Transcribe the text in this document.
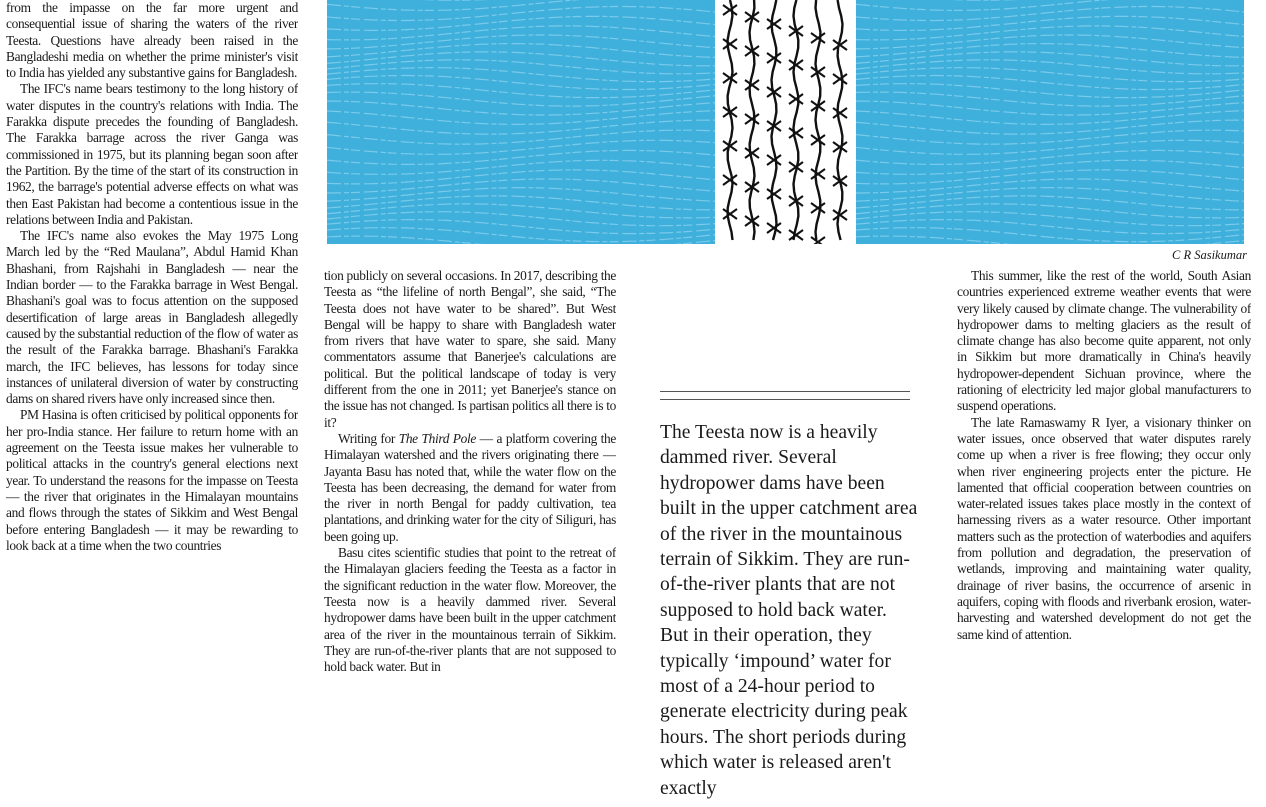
from the impasse on the far more urgent and consequential issue of sharing the waters of the river Teesta. Questions have already been raised in the Bangladeshi media on whether the prime minister's visit to India has yielded any substantive gains for Bangladesh.

The IFC's name bears testimony to the long history of water disputes in the country's relations with India. The Farakka dispute precedes the founding of Bangladesh. The Farakka barrage across the river Ganga was commissioned in 1975, but its planning began soon after the Partition. By the time of the start of its construction in 1962, the barrage's potential adverse effects on what was then East Pakistan had become a contentious issue in the relations between India and Pakistan.

The IFC's name also evokes the May 1975 Long March led by the “Red Maulana”, Abdul Hamid Khan Bhashani, from Rajshahi in Bangladesh — near the Indian border — to the Farakka barrage in West Bengal. Bhashani's goal was to focus attention on the supposed desertification of large areas in Bangladesh allegedly caused by the substantial reduction of the flow of water as the result of the Farakka barrage. Bhashani's Farakka march, the IFC believes, has lessons for today since instances of unilateral diversion of water by constructing dams on shared rivers have only increased since then.

PM Hasina is often criticised by political opponents for her pro-India stance. Her failure to return home with an agreement on the Teesta issue makes her vulnerable to political attacks in the country's general elections next year. To understand the reasons for the impasse on Teesta — the river that originates in the Himalayan mountains and flows through the states of Sikkim and West Bengal before entering Bangladesh — it may be rewarding to look back at a time when the two countries

C R Sasikumar

tion publicly on several occasions. In 2017, describing the Teesta as “the lifeline of north Bengal”, she said, “The Teesta does not have water to be shared”. But West Bengal will be happy to share with Bangladesh water from rivers that have water to spare, she said. Many commentators assume that Banerjee's calculations are political. But the political landscape of today is very different from the one in 2011; yet Banerjee's stance on the issue has not changed. Is partisan politics all there is to it?

Writing for The Third Pole — a platform covering the Himalayan watershed and the rivers originating there — Jayanta Basu has noted that, while the water flow on the Teesta has been decreasing, the demand for water from the river in north Bengal for paddy cultivation, tea plantations, and drinking water for the city of Siliguri, has been going up.

Basu cites scientific studies that point to the retreat of the Himalayan glaciers feeding the Teesta as a factor in the significant reduction in the water flow. Moreover, the Teesta now is a heavily dammed river. Several hydropower dams have been built in the upper catchment area of the river in the mountainous terrain of Sikkim. They are run-of-the-river plants that are not supposed to hold back water. But in

The Teesta now is a heavily dammed river. Several hydropower dams have been built in the upper catchment area of the river in the mountainous terrain of Sikkim. They are run-of-the-river plants that are not supposed to hold back water. But in their operation, they typically ‘impound’ water for most of a 24-hour period to generate electricity during peak hours. The short periods during which water is released aren't exactly

This summer, like the rest of the world, South Asian countries experienced extreme weather events that were very likely caused by climate change. The vulnerability of hydropower dams to melting glaciers as the result of climate change has also become quite apparent, not only in Sikkim but more dramatically in China's heavily hydropower-dependent Sichuan province, where the rationing of electricity led major global manufacturers to suspend operations.

The late Ramaswamy R Iyer, a visionary thinker on water issues, once observed that water disputes rarely come up when a river is free flowing; they occur only when river engineering projects enter the picture. He lamented that official cooperation between countries on water-related issues takes place mostly in the context of harnessing rivers as a water resource. Other important matters such as the protection of waterbodies and aquifers from pollution and degradation, the preservation of wetlands, improving and maintaining water quality, drainage of river basins, the occurrence of arsenic in aquifers, coping with floods and riverbank erosion, water-harvesting and watershed development do not get the same kind of attention.
